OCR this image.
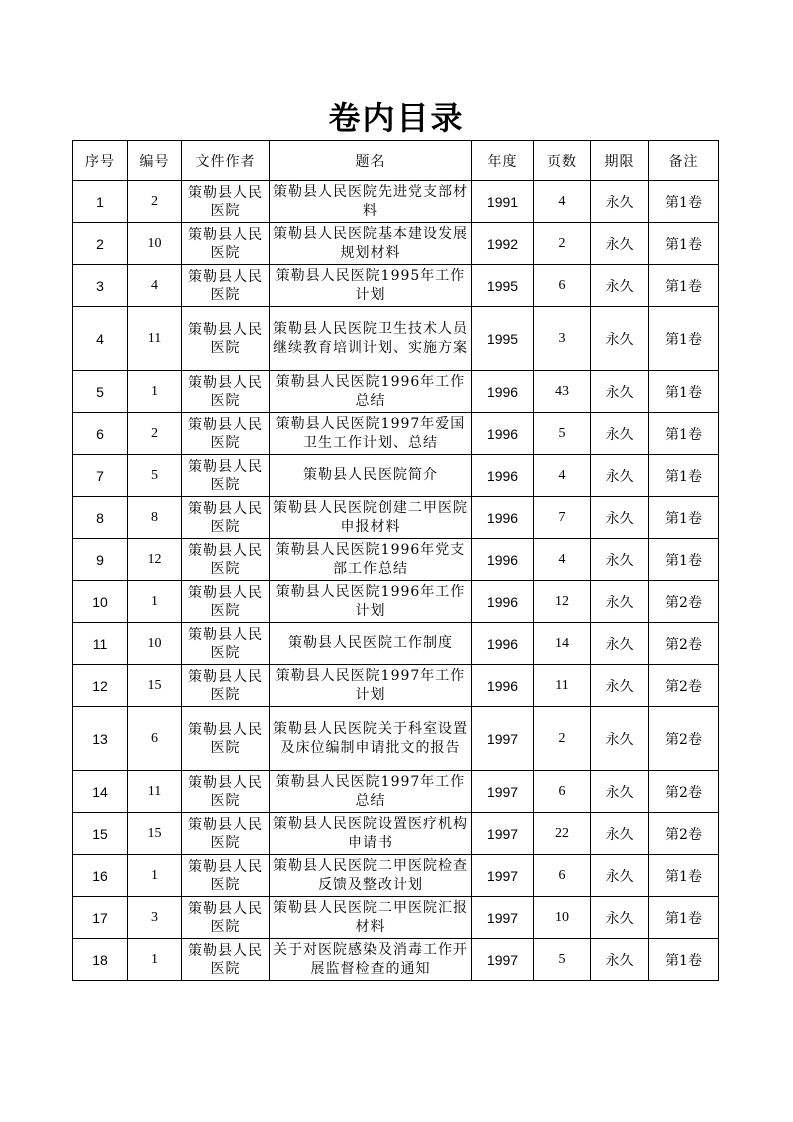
卷内目录
序号	编号	文件作者	题名	年度	页数	期限	备注
1	2	策勒县人民医院	策勒县人民医院先进党支部材料	1991	4	永久	第1卷
2	10	策勒县人民医院	策勒县人民医院基本建设发展规划材料	1992	2	永久	第1卷
3	4	策勒县人民医院	策勒县人民医院1995年工作计划	1995	6	永久	第1卷
4	11	策勒县人民医院	策勒县人民医院卫生技术人员继续教育培训计划、实施方案	1995	3	永久	第1卷
5	1	策勒县人民医院	策勒县人民医院1996年工作总结	1996	43	永久	第1卷
6	2	策勒县人民医院	策勒县人民医院1997年爱国卫生工作计划、总结	1996	5	永久	第1卷
7	5	策勒县人民医院	策勒县人民医院简介	1996	4	永久	第1卷
8	8	策勒县人民医院	策勒县人民医院创建二甲医院申报材料	1996	7	永久	第1卷
9	12	策勒县人民医院	策勒县人民医院1996年党支部工作总结	1996	4	永久	第1卷
10	1	策勒县人民医院	策勒县人民医院1996年工作计划	1996	12	永久	第2卷
11	10	策勒县人民医院	策勒县人民医院工作制度	1996	14	永久	第2卷
12	15	策勒县人民医院	策勒县人民医院1997年工作计划	1996	11	永久	第2卷
13	6	策勒县人民医院	策勒县人民医院关于科室设置及床位编制申请批文的报告	1997	2	永久	第2卷
14	11	策勒县人民医院	策勒县人民医院1997年工作总结	1997	6	永久	第2卷
15	15	策勒县人民医院	策勒县人民医院设置医疗机构申请书	1997	22	永久	第2卷
16	1	策勒县人民医院	策勒县人民医院二甲医院检查反馈及整改计划	1997	6	永久	第1卷
17	3	策勒县人民医院	策勒县人民医院二甲医院汇报材料	1997	10	永久	第1卷
18	1	策勒县人民医院	关于对医院感染及消毒工作开展监督检查的通知	1997	5	永久	第1卷
